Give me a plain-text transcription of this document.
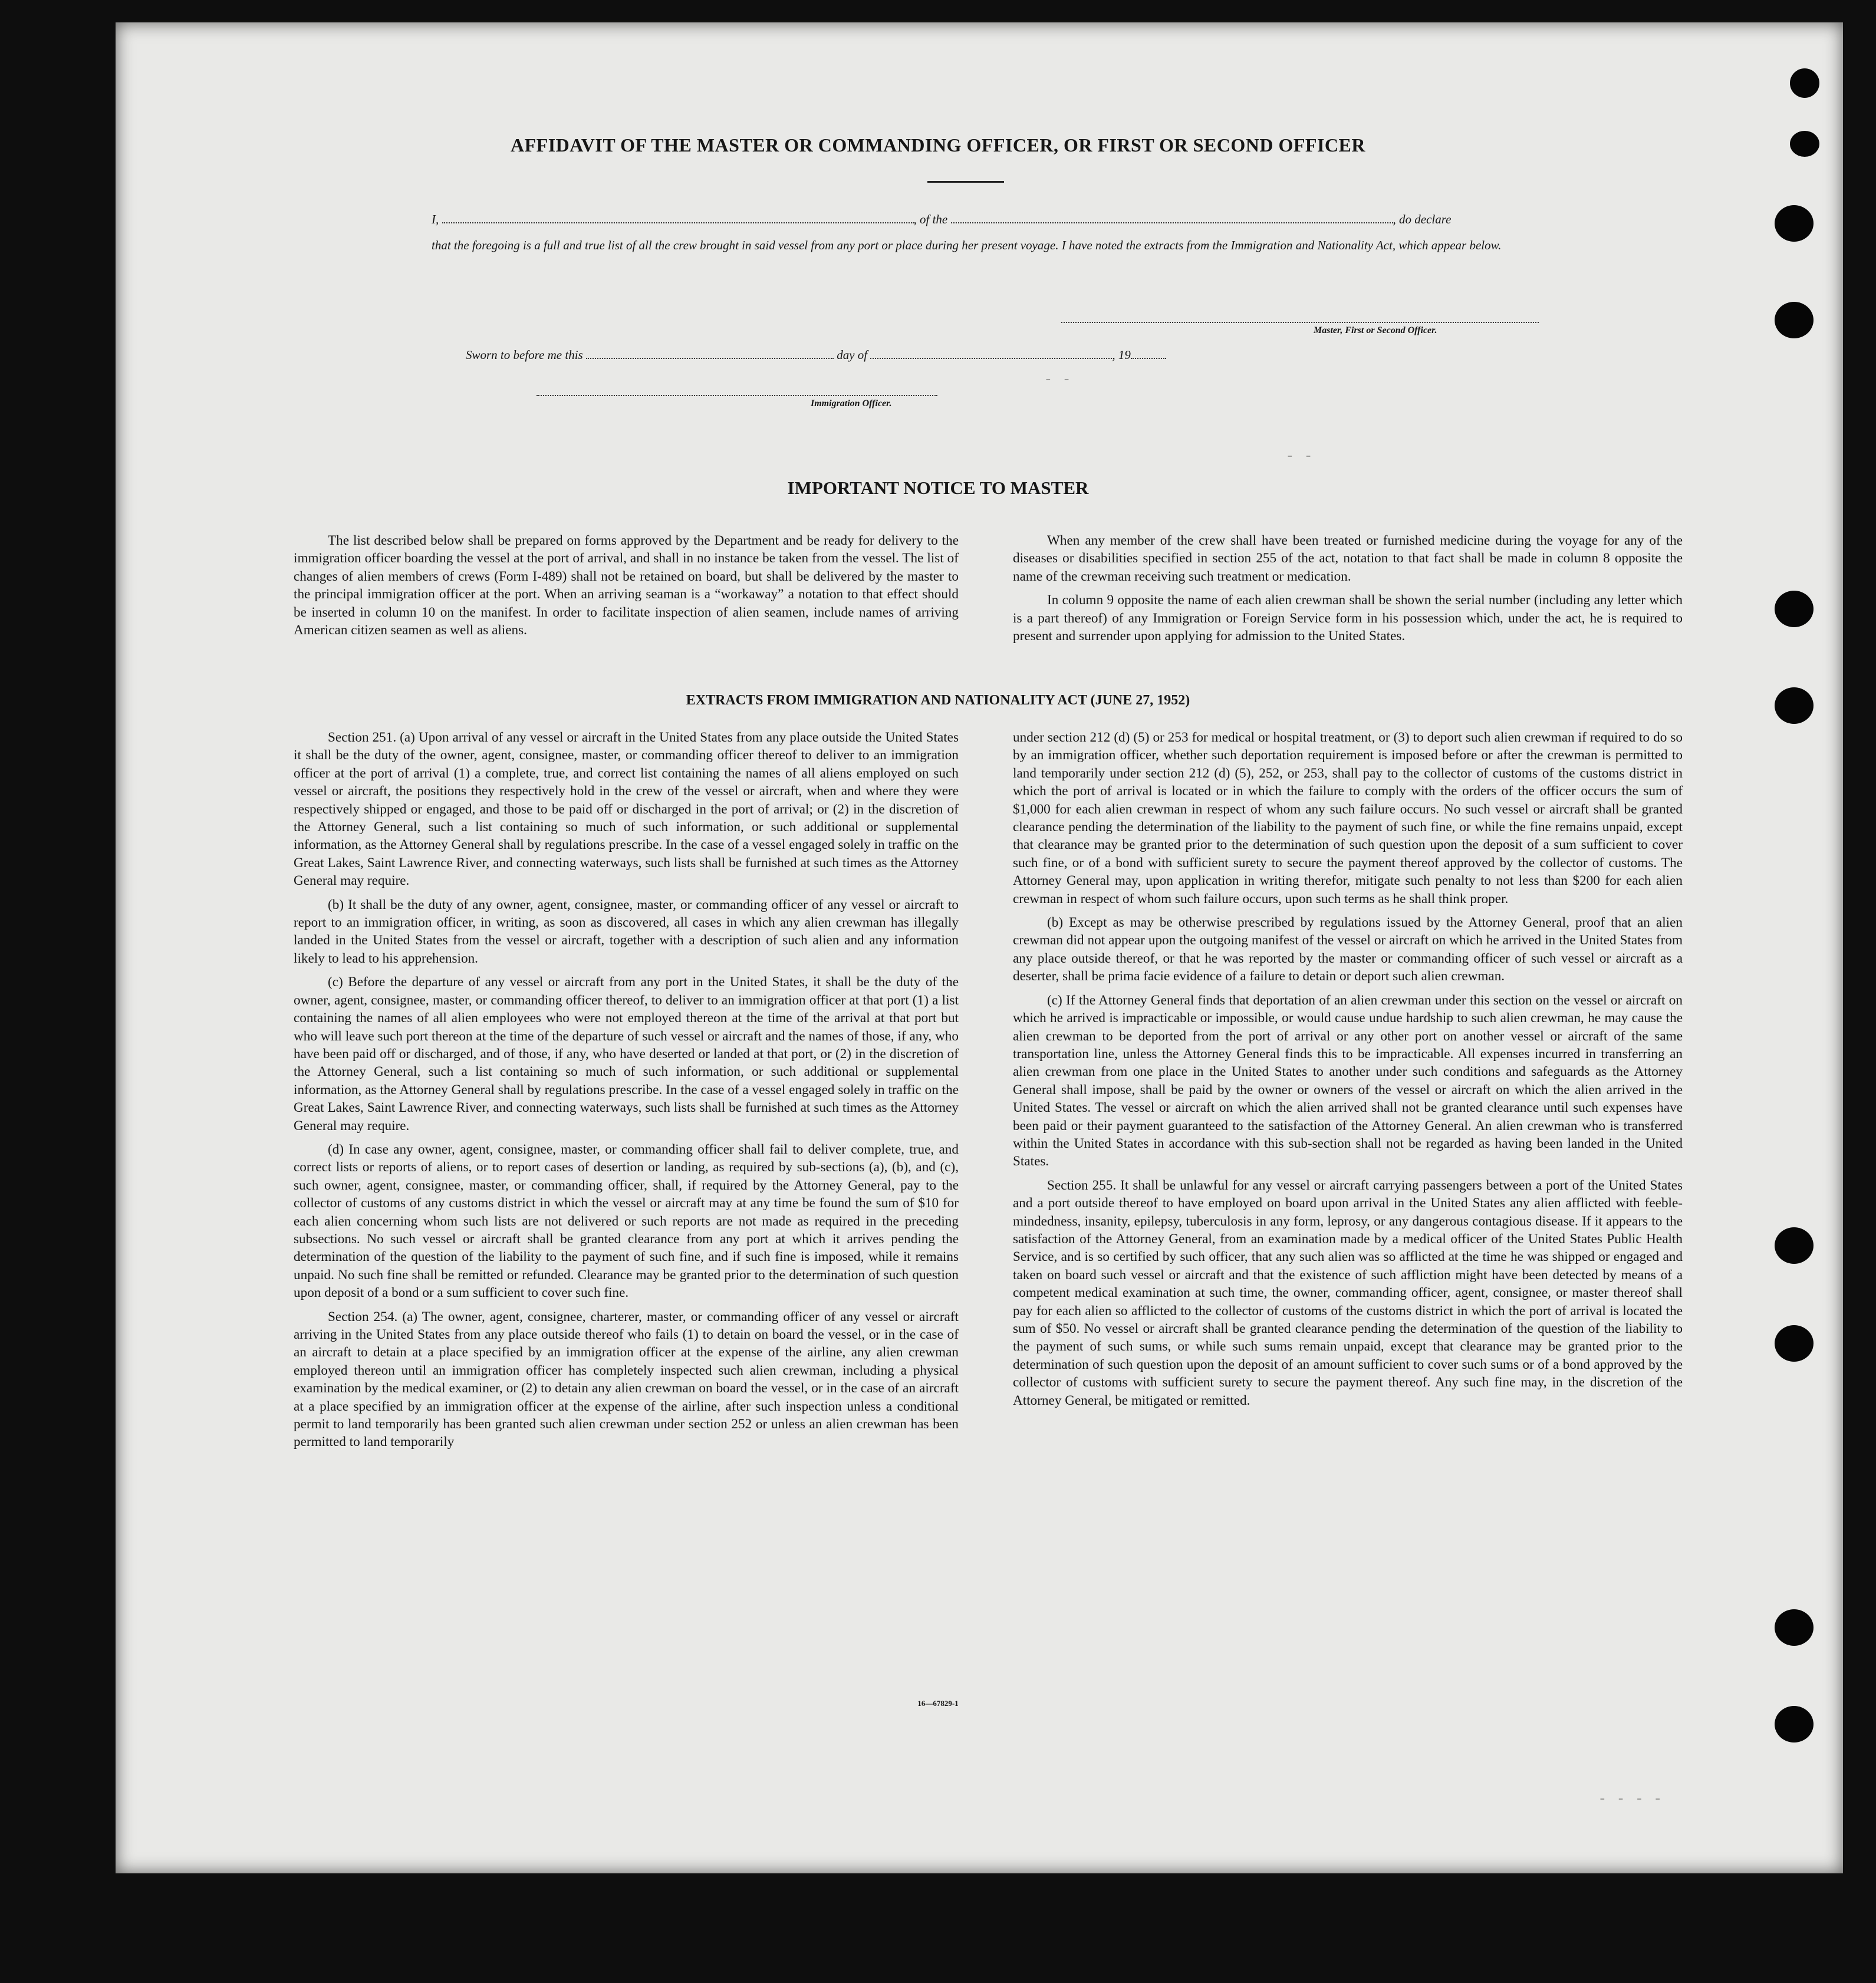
- -
- -
- - - -
AFFIDAVIT OF THE MASTER OR COMMANDING OFFICER, OR FIRST OR SECOND OFFICER
I,	, of the	, do declare
that the foregoing is a full and true list of all the crew brought in said vessel from any port or place during her present voyage. I have noted the extracts from the Immigration and Nationality Act, which appear below.
Master, First or Second Officer.
Sworn to before me this	day of	, 19
Immigration Officer.
IMPORTANT NOTICE TO MASTER

The list described below shall be prepared on forms approved by the Department and be ready for delivery to the immigration officer boarding the vessel at the port of arrival, and shall in no instance be taken from the vessel. The list of changes of alien members of crews (Form I-489) shall not be retained on board, but shall be delivered by the master to the principal immigration officer at the port. When an arriving seaman is a “workaway” a notation to that effect should be inserted in column 10 on the manifest. In order to facilitate inspection of alien seamen, include names of arriving American citizen seamen as well as aliens.

When any member of the crew shall have been treated or furnished medicine during the voyage for any of the diseases or disabilities specified in section 255 of the act, notation to that fact shall be made in column 8 opposite the name of the crewman receiving such treatment or medication.

In column 9 opposite the name of each alien crewman shall be shown the serial number (including any letter which is a part thereof) of any Immigration or Foreign Service form in his possession which, under the act, he is required to present and surrender upon applying for admission to the United States.

EXTRACTS FROM IMMIGRATION AND NATIONALITY ACT (JUNE 27, 1952)

Section 251. (a) Upon arrival of any vessel or aircraft in the United States from any place outside the United States it shall be the duty of the owner, agent, consignee, master, or commanding officer thereof to deliver to an immigration officer at the port of arrival (1) a complete, true, and correct list containing the names of all aliens employed on such vessel or aircraft, the positions they respectively hold in the crew of the vessel or aircraft, when and where they were respectively shipped or engaged, and those to be paid off or discharged in the port of arrival; or (2) in the discretion of the Attorney General, such a list containing so much of such information, or such additional or supplemental information, as the Attorney General shall by regulations prescribe. In the case of a vessel engaged solely in traffic on the Great Lakes, Saint Lawrence River, and connecting waterways, such lists shall be furnished at such times as the Attorney General may require.

(b) It shall be the duty of any owner, agent, consignee, master, or commanding officer of any vessel or aircraft to report to an immigration officer, in writing, as soon as discovered, all cases in which any alien crewman has illegally landed in the United States from the vessel or aircraft, together with a description of such alien and any information likely to lead to his apprehension.

(c) Before the departure of any vessel or aircraft from any port in the United States, it shall be the duty of the owner, agent, consignee, master, or commanding officer thereof, to deliver to an immigration officer at that port (1) a list containing the names of all alien employees who were not employed thereon at the time of the arrival at that port but who will leave such port thereon at the time of the departure of such vessel or aircraft and the names of those, if any, who have been paid off or discharged, and of those, if any, who have deserted or landed at that port, or (2) in the discretion of the Attorney General, such a list containing so much of such information, or such additional or supplemental information, as the Attorney General shall by regulations prescribe. In the case of a vessel engaged solely in traffic on the Great Lakes, Saint Lawrence River, and connecting waterways, such lists shall be furnished at such times as the Attorney General may require.

(d) In case any owner, agent, consignee, master, or commanding officer shall fail to deliver complete, true, and correct lists or reports of aliens, or to report cases of desertion or landing, as required by sub-sections (a), (b), and (c), such owner, agent, consignee, master, or commanding officer, shall, if required by the Attorney General, pay to the collector of customs of any customs district in which the vessel or aircraft may at any time be found the sum of $10 for each alien concerning whom such lists are not delivered or such reports are not made as required in the preceding subsections. No such vessel or aircraft shall be granted clearance from any port at which it arrives pending the determination of the question of the liability to the payment of such fine, and if such fine is imposed, while it remains unpaid. No such fine shall be remitted or refunded. Clearance may be granted prior to the determination of such question upon deposit of a bond or a sum sufficient to cover such fine.

Section 254. (a) The owner, agent, consignee, charterer, master, or commanding officer of any vessel or aircraft arriving in the United States from any place outside thereof who fails (1) to detain on board the vessel, or in the case of an aircraft to detain at a place specified by an immigration officer at the expense of the airline, any alien crewman employed thereon until an immigration officer has completely inspected such alien crewman, including a physical examination by the medical examiner, or (2) to detain any alien crewman on board the vessel, or in the case of an aircraft at a place specified by an immigration officer at the expense of the airline, after such inspection unless a conditional permit to land temporarily has been granted such alien crewman under section 252 or unless an alien crewman has been permitted to land temporarily

under section 212 (d) (5) or 253 for medical or hospital treatment, or (3) to deport such alien crewman if required to do so by an immigration officer, whether such deportation requirement is imposed before or after the crewman is permitted to land temporarily under section 212 (d) (5), 252, or 253, shall pay to the collector of customs of the customs district in which the port of arrival is located or in which the failure to comply with the orders of the officer occurs the sum of $1,000 for each alien crewman in respect of whom any such failure occurs. No such vessel or aircraft shall be granted clearance pending the determination of the liability to the payment of such fine, or while the fine remains unpaid, except that clearance may be granted prior to the determination of such question upon the deposit of a sum sufficient to cover such fine, or of a bond with sufficient surety to secure the payment thereof approved by the collector of customs. The Attorney General may, upon application in writing therefor, mitigate such penalty to not less than $200 for each alien crewman in respect of whom such failure occurs, upon such terms as he shall think proper.

(b) Except as may be otherwise prescribed by regulations issued by the Attorney General, proof that an alien crewman did not appear upon the outgoing manifest of the vessel or aircraft on which he arrived in the United States from any place outside thereof, or that he was reported by the master or commanding officer of such vessel or aircraft as a deserter, shall be prima facie evidence of a failure to detain or deport such alien crewman.

(c) If the Attorney General finds that deportation of an alien crewman under this section on the vessel or aircraft on which he arrived is impracticable or impossible, or would cause undue hardship to such alien crewman, he may cause the alien crewman to be deported from the port of arrival or any other port on another vessel or aircraft of the same transportation line, unless the Attorney General finds this to be impracticable. All expenses incurred in transferring an alien crewman from one place in the United States to another under such conditions and safeguards as the Attorney General shall impose, shall be paid by the owner or owners of the vessel or aircraft on which the alien arrived in the United States. The vessel or aircraft on which the alien arrived shall not be granted clearance until such expenses have been paid or their payment guaranteed to the satisfaction of the Attorney General. An alien crewman who is transferred within the United States in accordance with this sub-section shall not be regarded as having been landed in the United States.

Section 255. It shall be unlawful for any vessel or aircraft carrying passengers between a port of the United States and a port outside thereof to have employed on board upon arrival in the United States any alien afflicted with feeble-mindedness, insanity, epilepsy, tuberculosis in any form, leprosy, or any dangerous contagious disease. If it appears to the satisfaction of the Attorney General, from an examination made by a medical officer of the United States Public Health Service, and is so certified by such officer, that any such alien was so afflicted at the time he was shipped or engaged and taken on board such vessel or aircraft and that the existence of such affliction might have been detected by means of a competent medical examination at such time, the owner, commanding officer, agent, consignee, or master thereof shall pay for each alien so afflicted to the collector of customs of the customs district in which the port of arrival is located the sum of $50. No vessel or aircraft shall be granted clearance pending the determination of the question of the liability to the payment of such sums, or while such sums remain unpaid, except that clearance may be granted prior to the determination of such question upon the deposit of an amount sufficient to cover such sums or of a bond approved by the collector of customs with sufficient surety to secure the payment thereof. Any such fine may, in the discretion of the Attorney General, be mitigated or remitted.

16—67829-1
